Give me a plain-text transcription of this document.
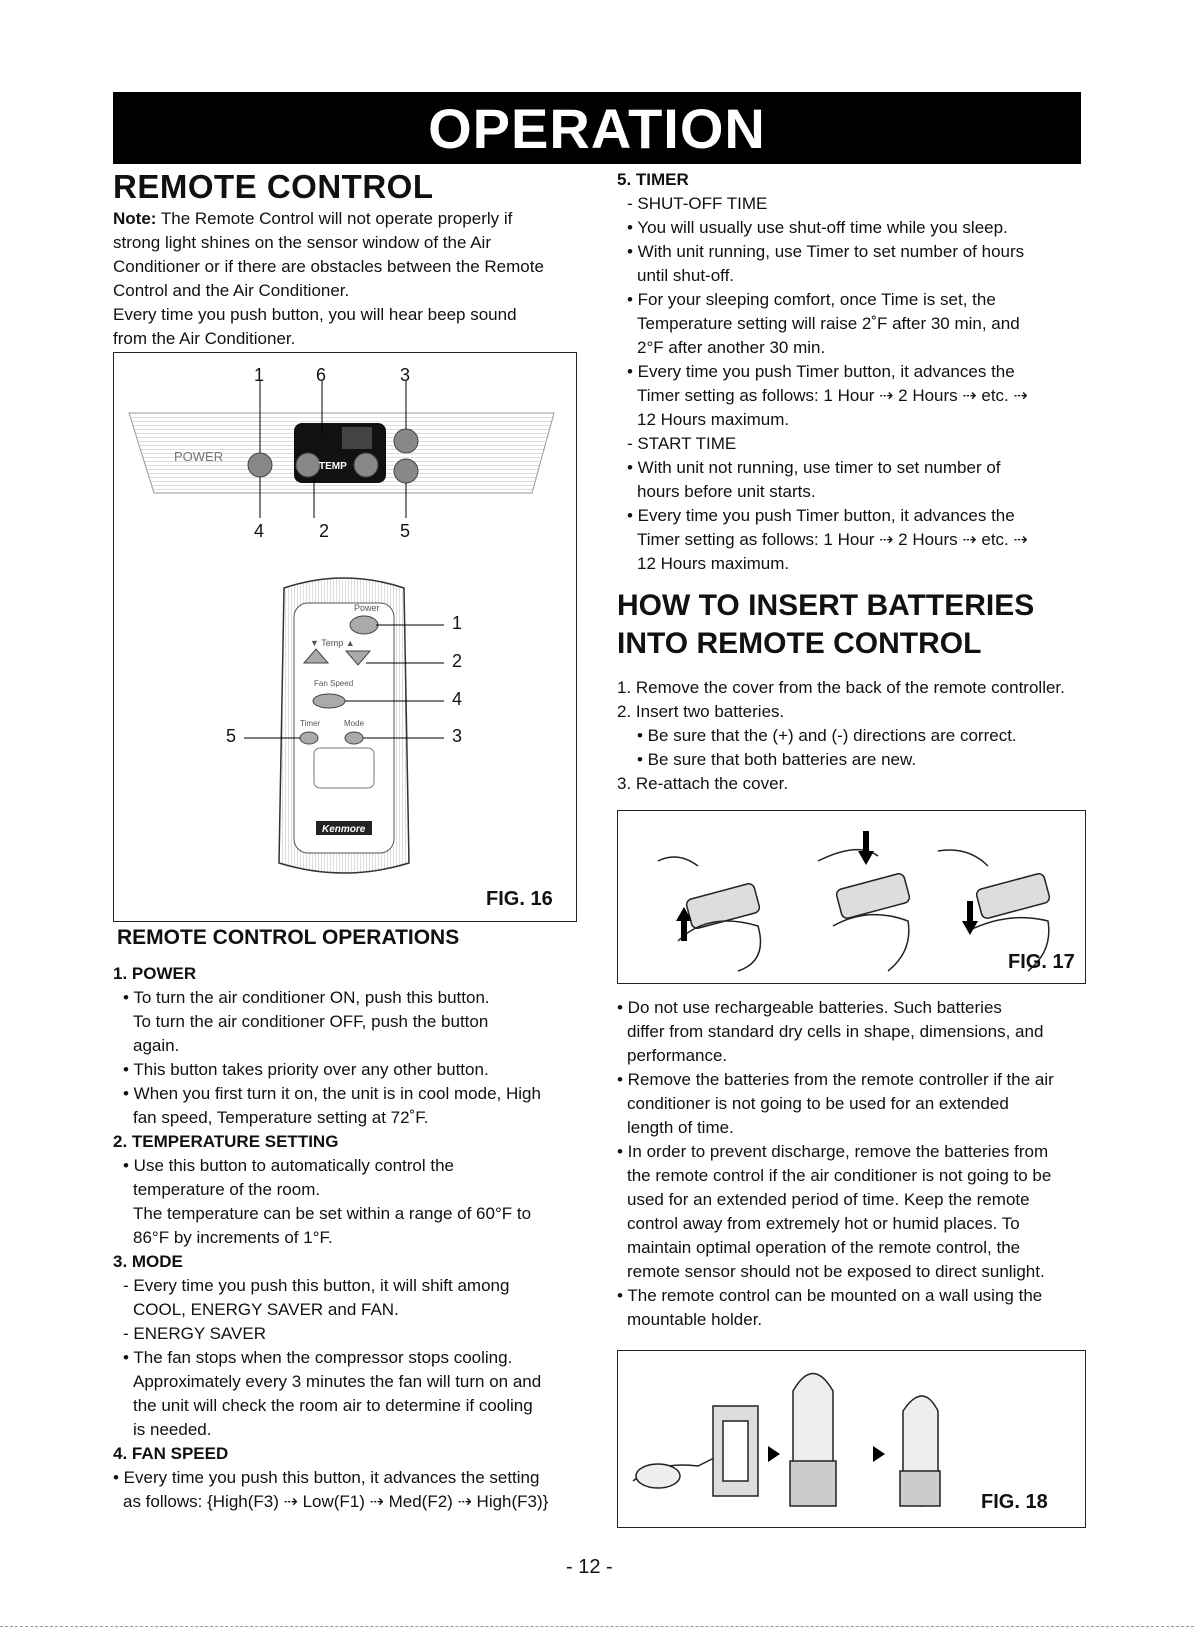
OPERATION
REMOTE CONTROL
Note: The Remote Control will not operate properly if
strong light shines on the sensor window of the Air
Conditioner or if there are obstacles between the Remote
Control and the Air Conditioner.
Every time you push button, you will hear beep sound
from the Air Conditioner.
POWER
TEMP
Power
▼ Temp ▲
Fan Speed
Timer	Mode
Kenmore
1	6	3
4	2	5
1
2
4
3
5
FIG. 16
REMOTE CONTROL OPERATIONS
1. POWER
• To turn the air conditioner ON, push this button.
To turn the air conditioner OFF, push the button
again.
• This button takes priority over any other button.
• When you first turn it on, the unit is in cool mode, High
fan speed, Temperature setting at 72˚F.
2. TEMPERATURE SETTING
• Use this button to automatically control the
temperature of the room.
The temperature can be set within a range of 60°F to
86°F by increments of 1°F.
3. MODE
- Every time you push this button, it will shift among
COOL, ENERGY SAVER and FAN.
- ENERGY SAVER
• The fan stops when the compressor stops cooling.
Approximately every 3 minutes the fan will turn on and
the unit will check the room air to determine if cooling
is needed.
4. FAN SPEED
• Every time you push this button, it advances the setting
as follows: {High(F3) ⇢ Low(F1) ⇢ Med(F2) ⇢ High(F3)}
5. TIMER
- SHUT-OFF TIME
• You will usually use shut-off time while you sleep.
• With unit running, use Timer to set number of hours
until shut-off.
• For your sleeping comfort, once Time is set, the
Temperature setting will raise 2˚F after 30 min, and
2°F after another 30 min.
• Every time you push Timer button, it advances the
Timer setting as follows: 1 Hour ⇢ 2 Hours ⇢ etc. ⇢
12 Hours maximum.
- START TIME
• With unit not running, use timer to set number of
hours before unit starts.
• Every time you push Timer button, it advances the
Timer setting as follows: 1 Hour ⇢ 2 Hours ⇢ etc. ⇢
12 Hours maximum.
HOW TO INSERT BATTERIES
INTO REMOTE CONTROL
1. Remove the cover from the back of the remote controller.
2. Insert two batteries.
• Be sure that the (+) and (-) directions are correct.
• Be sure that both batteries are new.
3. Re-attach the cover.
FIG. 17
• Do not use rechargeable batteries. Such batteries
differ from standard dry cells in shape, dimensions, and
performance.
• Remove the batteries from the remote controller if the air
conditioner is not going to be used for an extended
length of time.
• In order to prevent discharge, remove the batteries from
the remote control if the air conditioner is not going to be
used for an extended period of time. Keep the remote
control away from extremely hot or humid places. To
maintain optimal operation of the remote control, the
remote sensor should not be exposed to direct sunlight.
• The remote control can be mounted on a wall using the
mountable holder.
FIG. 18
- 12 -
